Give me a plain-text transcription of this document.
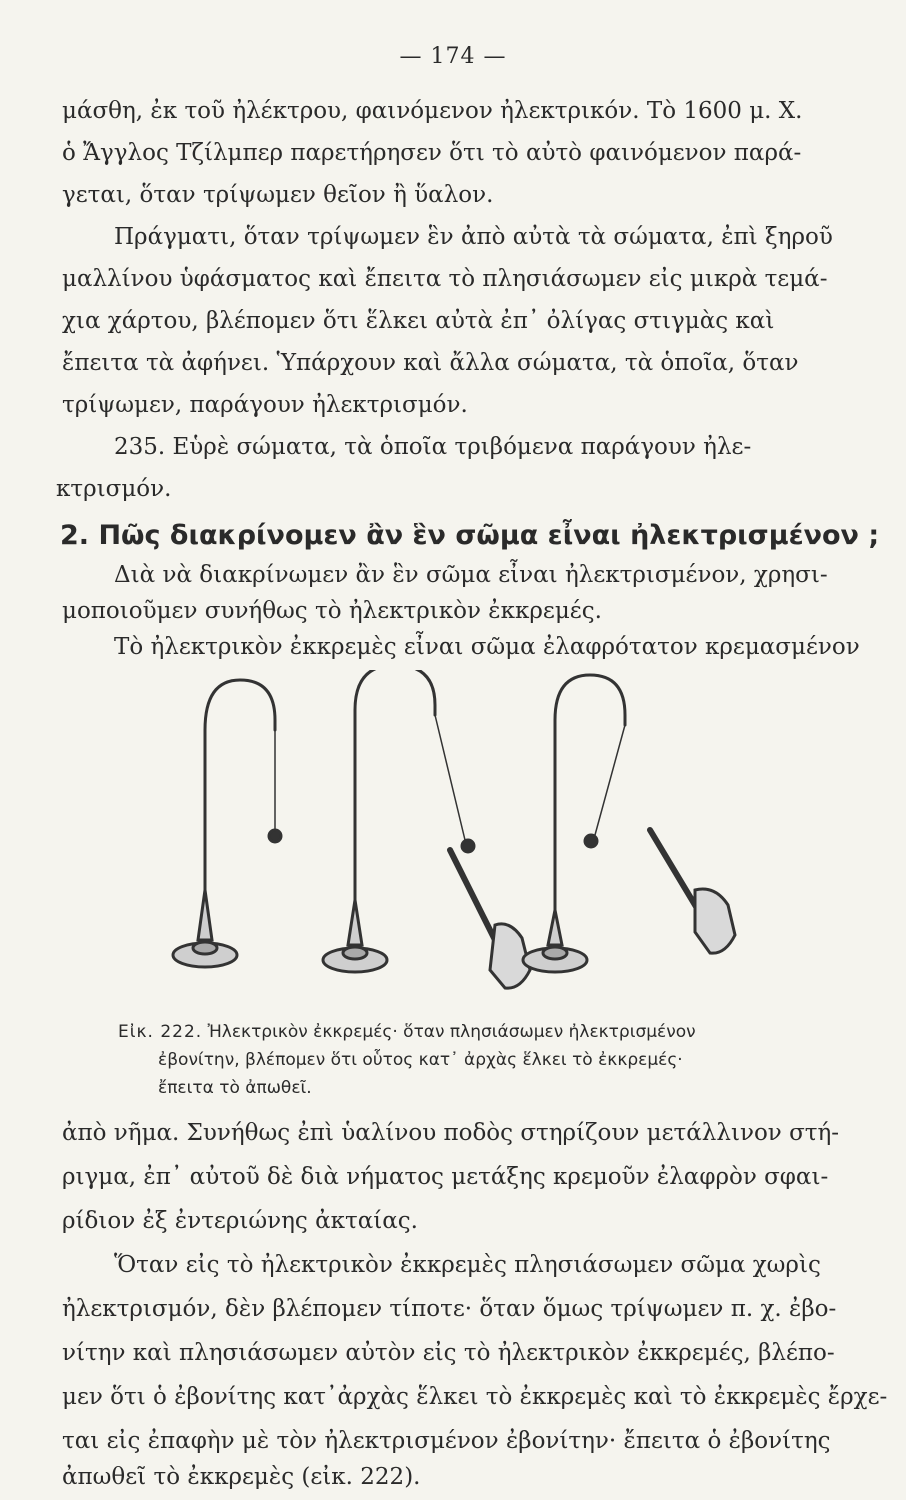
— 174 —
μάσθη, ἐκ τοῦ ἠλέκτρου, φαινόμενον ἠλεκτρικόν. Τὸ 1600 μ. Χ.
ὁ Ἄγγλος Τζίλμπερ παρετήρησεν ὅτι τὸ αὐτὸ φαινόμενον παρά-
γεται, ὅταν τρίψωμεν θεῖον ἢ ὕαλον.
Πράγματι, ὅταν τρίψωμεν ἓν ἀπὸ αὐτὰ τὰ σώματα, ἐπὶ ξηροῦ
μαλλίνου ὑφάσματος καὶ ἔπειτα τὸ πλησιάσωμεν εἰς μικρὰ τεμά-
χια χάρτου, βλέπομεν ὅτι ἕλκει αὐτὰ ἐπ᾽ ὀλίγας στιγμὰς καὶ
ἔπειτα τὰ ἀφήνει. Ὑπάρχουν καὶ ἄλλα σώματα, τὰ ὁποῖα, ὅταν
τρίψωμεν, παράγουν ἠλεκτρισμόν.
235. Εὑρὲ σώματα, τὰ ὁποῖα τριβόμενα παράγουν ἠλε-
κτρισμόν.
2. Πῶς διακρίνομεν ἂν ἓν σῶμα εἶναι ἠλεκτρισμένον ;
Διὰ νὰ διακρίνωμεν ἂν ἓν σῶμα εἶναι ἠλεκτρισμένον, χρησι-
μοποιοῦμεν συνήθως τὸ ἠλεκτρικὸν ἐκκρεμές.
Τὸ ἠλεκτρικὸν ἐκκρεμὲς εἶναι σῶμα ἐλαφρότατον κρεμασμένον
Εἰκ. 222. Ἠλεκτρικὸν ἐκκρεμές· ὅταν πλησιάσωμεν ἠλεκτρισμένον
ἐβονίτην, βλέπομεν ὅτι οὗτος κατ᾽ ἀρχὰς ἕλκει τὸ ἐκκρεμές·
ἔπειτα τὸ ἀπωθεῖ.
ἀπὸ νῆμα. Συνήθως ἐπὶ ὑαλίνου ποδὸς στηρίζουν μετάλλινον στή-
ριγμα, ἐπ᾽ αὐτοῦ δὲ διὰ νήματος μετάξης κρεμοῦν ἐλαφρὸν σφαι-
ρίδιον ἐξ ἐντεριώνης ἀκταίας.
Ὅταν εἰς τὸ ἠλεκτρικὸν ἐκκρεμὲς πλησιάσωμεν σῶμα χωρὶς
ἠλεκτρισμόν, δὲν βλέπομεν τίποτε· ὅταν ὅμως τρίψωμεν π. χ. ἐβο-
νίτην καὶ πλησιάσωμεν αὐτὸν εἰς τὸ ἠλεκτρικὸν ἐκκρεμές, βλέπο-
μεν ὅτι ὁ ἐβονίτης κατ᾽ἀρχὰς ἕλκει τὸ ἐκκρεμὲς καὶ τὸ ἐκκρεμὲς ἔρχε-
ται εἰς ἐπαφὴν μὲ τὸν ἠλεκτρισμένον ἐβονίτην· ἔπειτα ὁ ἐβονίτης
ἀπωθεῖ τὸ ἐκκρεμὲς (εἰκ. 222).
